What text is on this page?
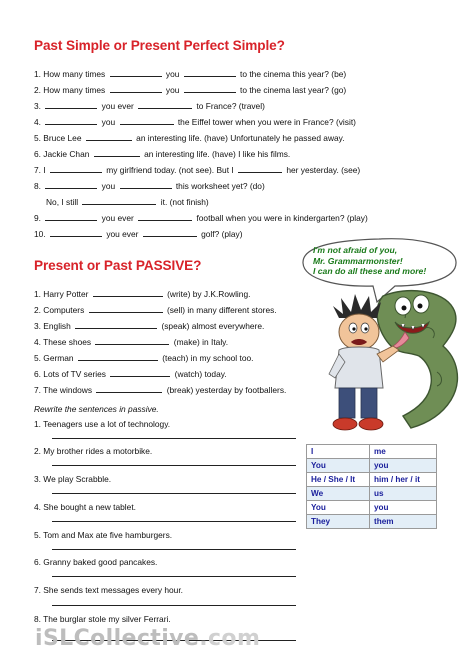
Past Simple or Present Perfect Simple?
1. How many times	you	to the cinema this year? (be)
2. How many times	you	to the cinema last year? (go)
3.	you ever	to France? (travel)
4.	you	the Eiffel tower when you were in France? (visit)
5. Bruce Lee	an interesting life. (have) Unfortunately he passed away.
6. Jackie Chan	an interesting life. (have) I like his films.
7. I	my girlfriend today. (not see). But I	her yesterday. (see)
8.	you	this worksheet yet? (do)
No, I still	it. (not finish)
9.	you ever	football when you were in kindergarten? (play)
10.	you ever	golf? (play)
Present or Past PASSIVE?
1. Harry Potter	(write) by J.K.Rowling.
2. Computers	(sell) in many different stores.
3. English	(speak) almost everywhere.
4. These shoes	(make) in Italy.
5. German	(teach) in my school too.
6. Lots of TV series	(watch) today.
7. The windows	(break) yesterday by footballers.
Rewrite the sentences in passive.
1. Teenagers use a lot of technology.
2. My brother rides a motorbike.
3. We play Scrabble.
4. She bought a new tablet.
5. Tom and Max ate five hamburgers.
6. Granny baked good pancakes.
7. She sends text messages every hour.
8. The burglar stole my silver Ferrari.
I'm not afraid of you,
Mr. Grammarmonster!
I can do all these and more!
I	me
You	you
He / She / It	him / her / it
We	us
You	you
They	them
iSLCollective.com
